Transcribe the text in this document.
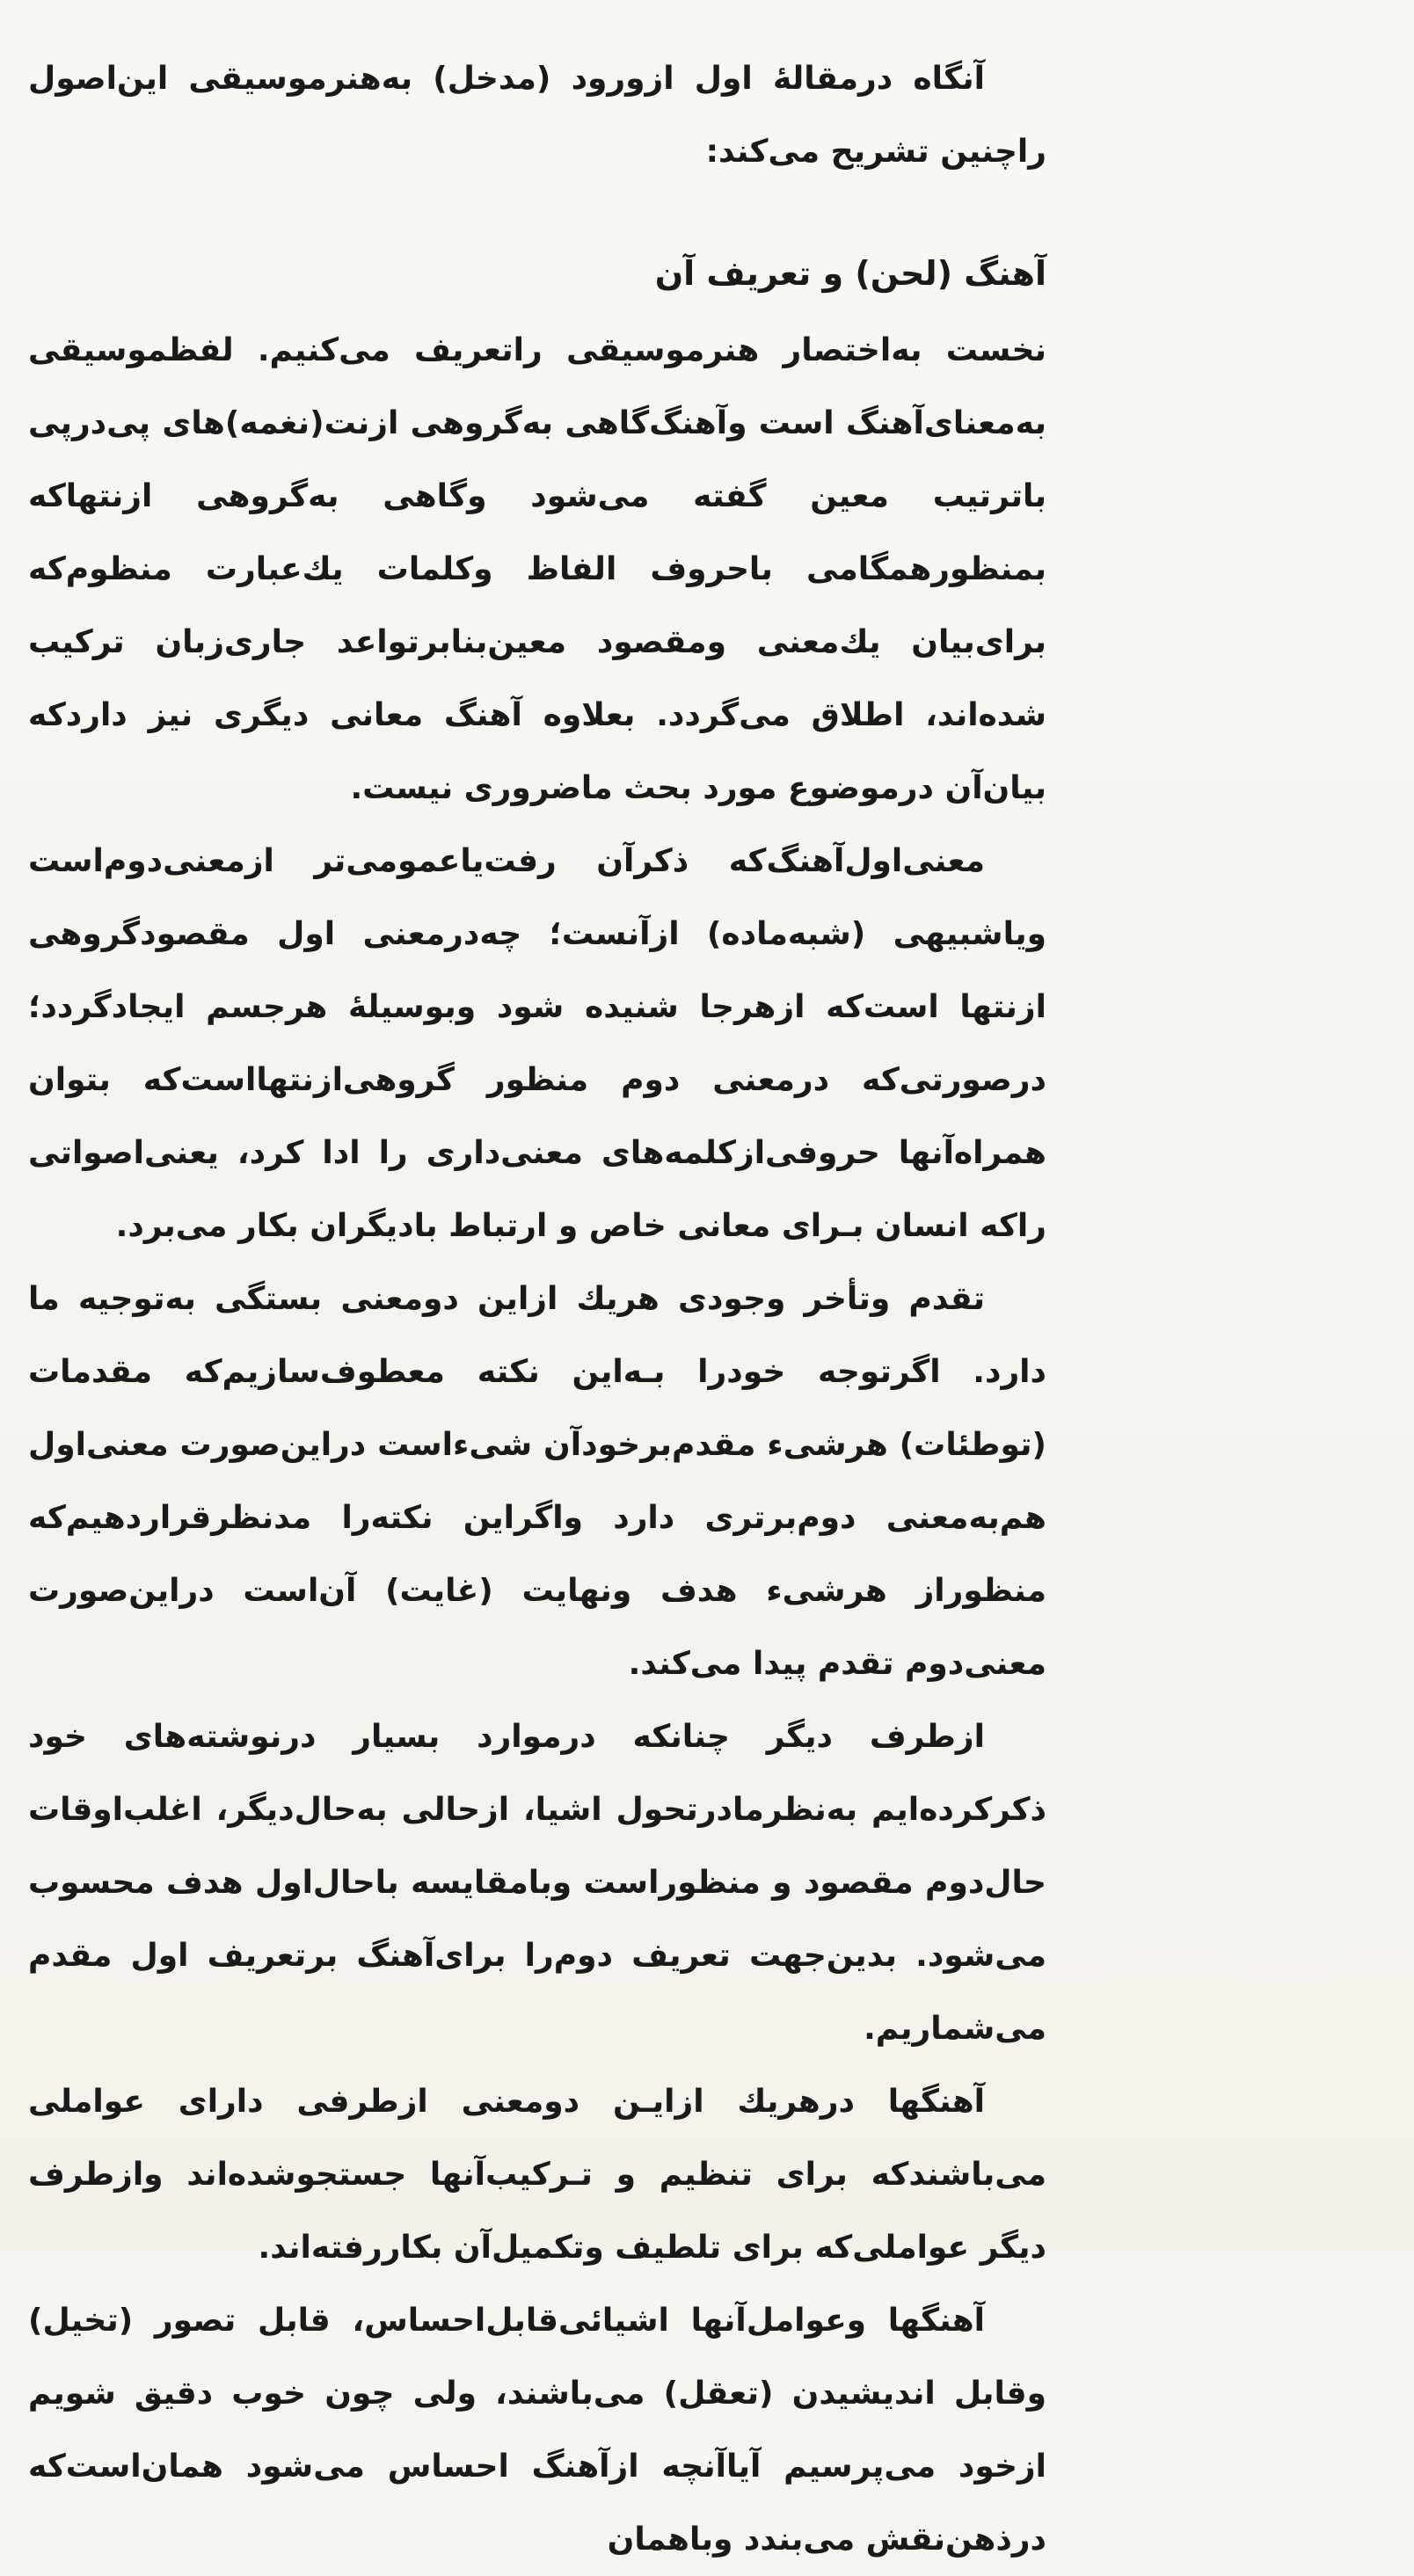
آنگاه درمقالۀ اول ازورود (مدخل) به‌هنرموسیقی این‌اصول راچنین تشریح می‌کند:

آهنگ (لحن) و تعریف آن

نخست به‌اختصار هنرموسیقی راتعریف می‌کنیم. لفظموسیقی به‌معنای‌آهنگ است وآهنگ‌گاهی به‌گروهی ازنت(نغمه)های پی‌درپی باترتیب معین گفته می‌شود وگاهی به‌گروهی ازنتهاکه بمنظورهمگامی باحروف الفاظ وکلمات یك‌عبارت منظوم‌که برای‌بیان یك‌معنی ومقصود معین‌بنابرتواعد جاری‌زبان ترکیب شده‌اند، اطلاق می‌گردد. بعلاوه آهنگ معانی دیگری نیز داردکه بیان‌آن درموضوع مورد بحث ماضروری نیست.

معنی‌اول‌آهنگ‌که ذکرآن رفت‌یاعمومی‌تر ازمعنی‌دوم‌است ویاشبیهی (شبه‌ماده) ازآنست؛ چه‌درمعنی اول مقصودگروهی ازنتها است‌که ازهرجا شنیده شود وبوسیلۀ هرجسم ایجادگردد؛ درصورتی‌که درمعنی دوم منظور گروهی‌ازنتهااست‌که بتوان همراه‌آنها حروفی‌ازکلمه‌های معنی‌داری را ادا کرد، یعنی‌اصواتی راکه انسان بـرای معانی خاص و ارتباط بادیگران بکار می‌برد.

تقدم وتأخر وجودی هریك ازاین دومعنی بستگی به‌توجیه ما دارد. اگرتوجه خودرا بـه‌این نکته معطوف‌سازیم‌که مقدمات (توطئات) هرشیء مقدم‌برخودآن شیءاست دراین‌صورت معنی‌اول هم‌به‌معنی دوم‌برتری دارد واگراین نکته‌را مدنظرقراردهیم‌که منظوراز هرشیء هدف ونهایت (غایت) آن‌است دراین‌صورت معنی‌دوم تقدم پیدا می‌کند.

ازطرف دیگر چنانکه درموارد بسیار درنوشته‌های خود ذکرکرده‌ایم به‌نظرمادرتحول اشیا، ازحالی به‌حال‌دیگر، اغلب‌اوقات حال‌دوم مقصود و منظوراست وبامقایسه باحال‌اول هدف محسوب می‌شود. بدین‌جهت تعریف دوم‌را برای‌آهنگ برتعریف اول مقدم می‌شماریم.

آهنگها درهریك ازایـن دومعنی ازطرفی دارای عواملی می‌باشندکه برای تنظیم و تـرکیب‌آنها جستجوشده‌اند وازطرف دیگر عواملی‌که برای تلطیف وتکمیل‌آن بکاررفته‌اند.

آهنگها وعوامل‌آنها اشیائی‌قابل‌احساس، قابل تصور (تخیل) وقابل اندیشیدن (تعقل) می‌باشند، ولی چون خوب دقیق شویم ازخود می‌پرسیم آیاآنچه ازآهنگ احساس می‌شود همان‌است‌که درذهن‌نقش می‌بندد وباهمان
